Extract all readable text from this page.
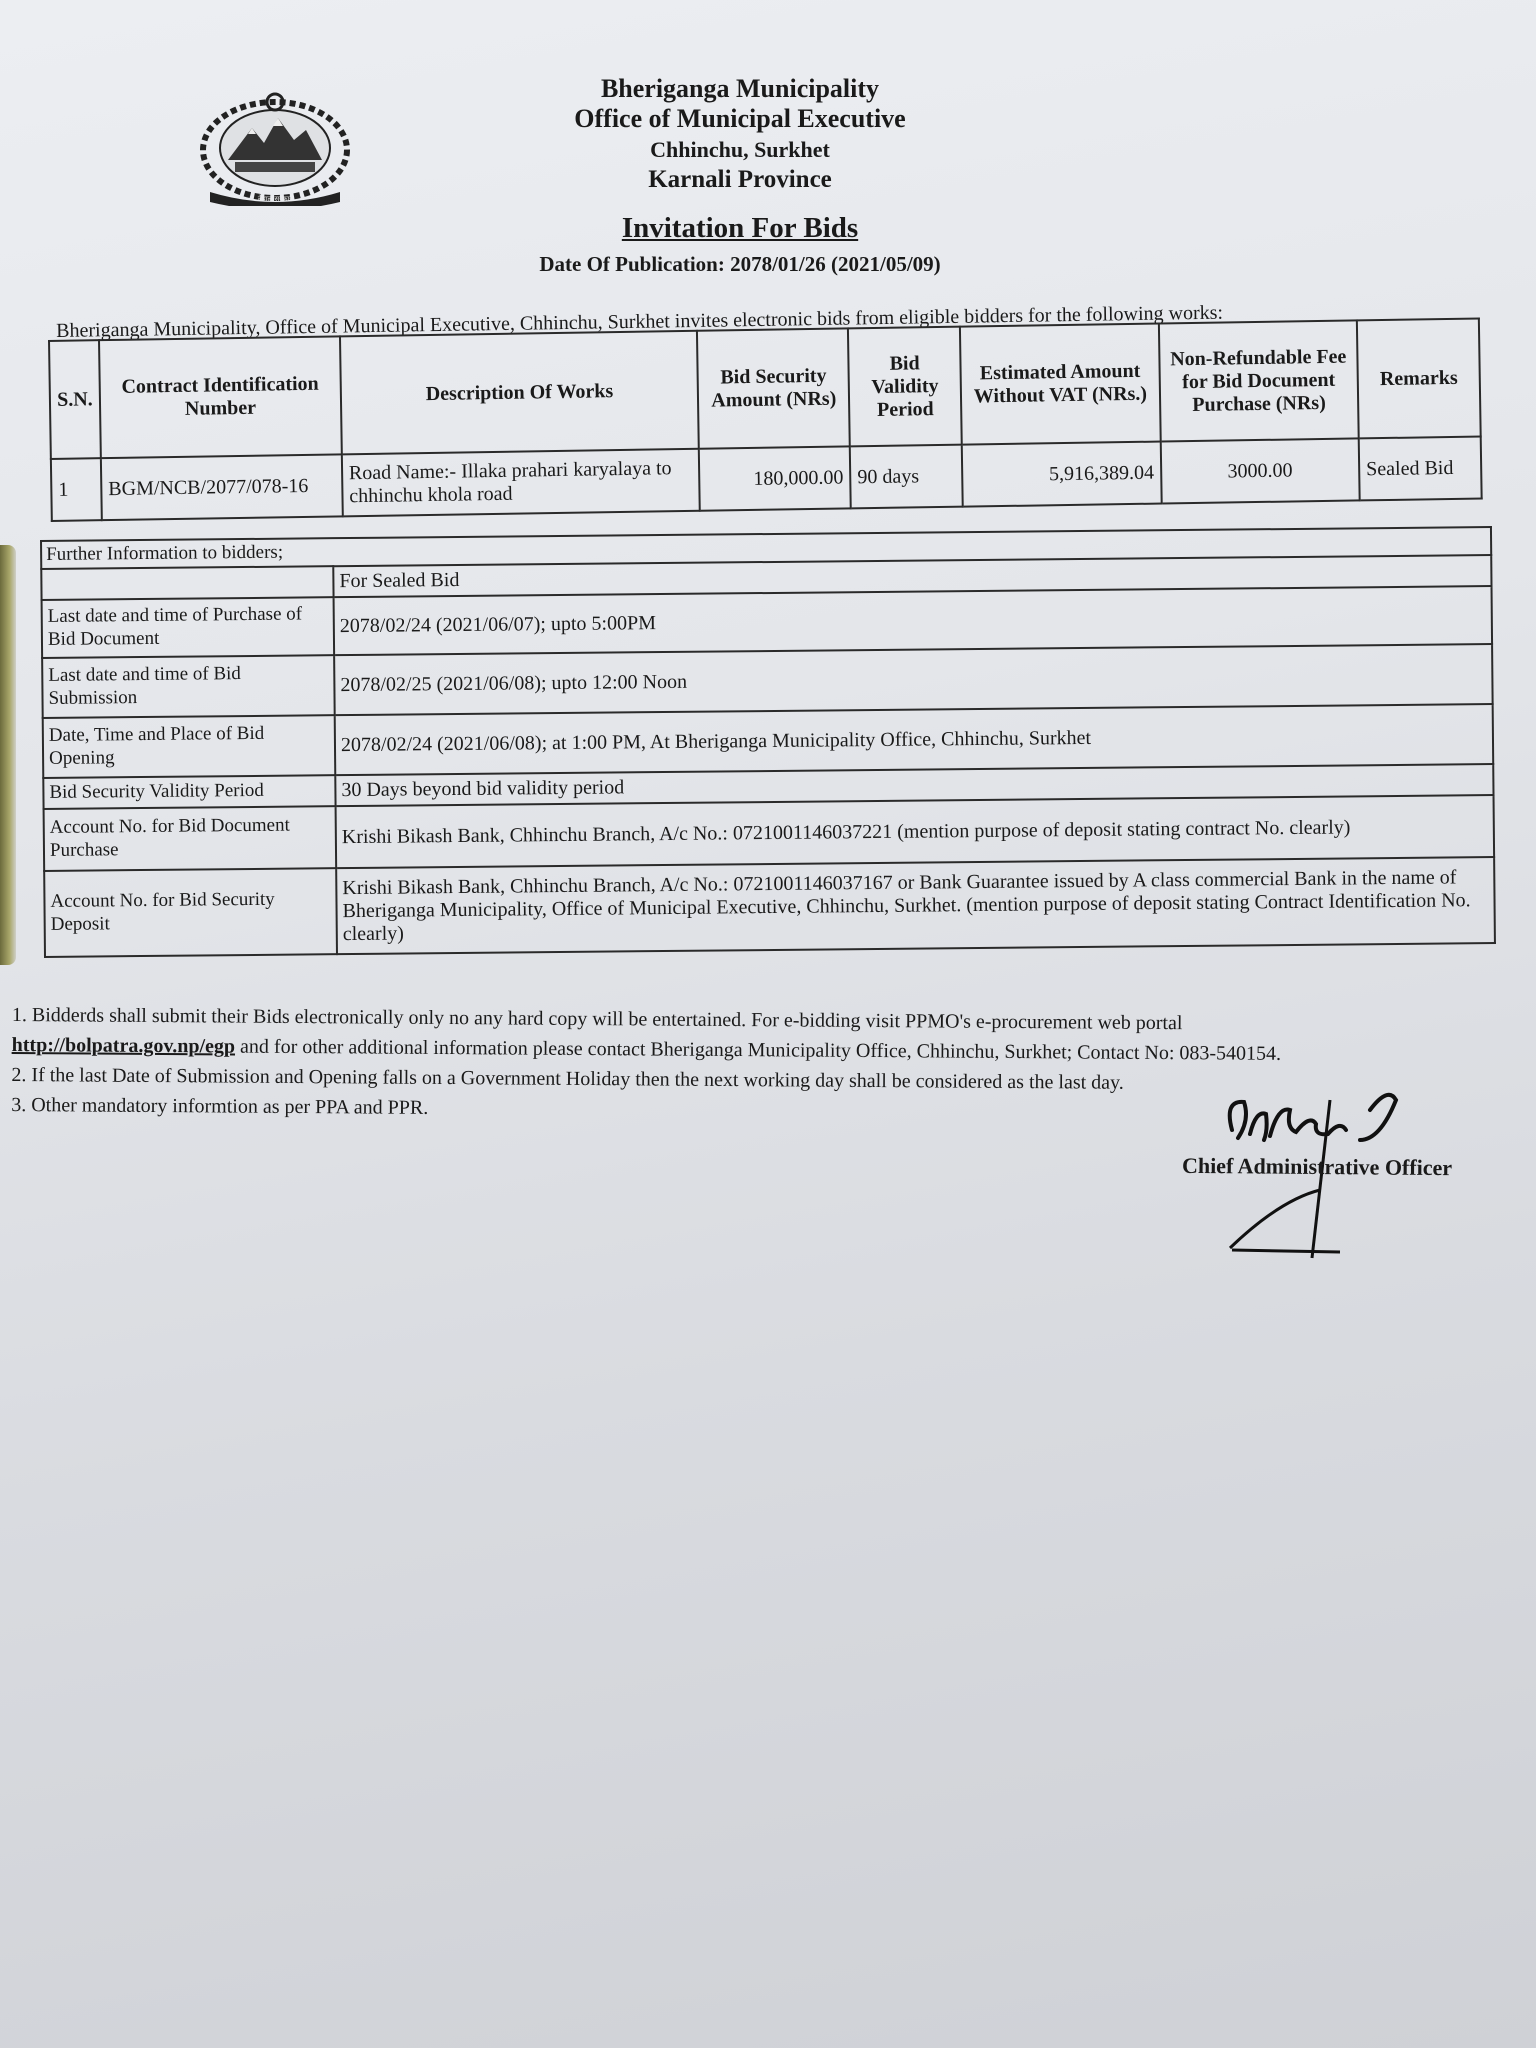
नेपाल सरकार
Bheriganga Municipality
Office of Municipal Executive
Chhinchu, Surkhet
Karnali Province
Invitation For Bids
Date Of Publication: 2078/01/26 (2021/05/09)
Bheriganga Municipality, Office of Municipal Executive, Chhinchu, Surkhet invites electronic bids from eligible bidders for the following works:
S.N.	Contract Identification Number	Description Of Works	Bid Security Amount (NRs)	Bid Validity Period	Estimated Amount Without VAT (NRs.)	Non-Refundable Fee for Bid Document Purchase (NRs)	Remarks
1	BGM/NCB/2077/078-16	Road Name:- Illaka prahari karyalaya to chhinchu khola road	180,000.00	90 days	5,916,389.04	3000.00	Sealed Bid
Further Information to bidders;	
	For Sealed Bid
Last date and time of Purchase of Bid Document	2078/02/24 (2021/06/07); upto 5:00PM
Last date and time of Bid Submission	2078/02/25 (2021/06/08); upto 12:00 Noon
Date, Time and Place of Bid Opening	2078/02/24 (2021/06/08); at 1:00 PM, At Bheriganga Municipality Office, Chhinchu, Surkhet
Bid Security Validity Period	30 Days beyond bid validity period
Account No. for Bid Document Purchase	Krishi Bikash Bank, Chhinchu Branch, A/c No.: 0721001146037221 (mention purpose of deposit stating contract No. clearly)
Account No. for Bid Security Deposit	Krishi Bikash Bank, Chhinchu Branch, A/c No.: 0721001146037167 or Bank Guarantee issued by A class commercial Bank in the name of Bheriganga Municipality, Office of Municipal Executive, Chhinchu, Surkhet. (mention purpose of deposit stating Contract Identification No. clearly)

1. Bidderds shall submit their Bids electronically only no any hard copy will be entertained. For e-bidding visit PPMO's e-procurement web portal
http://bolpatra.gov.np/egp and for other additional information please contact Bheriganga Municipality Office, Chhinchu, Surkhet; Contact No: 083-540154.

2. If the last Date of Submission and Opening falls on a Government Holiday then the next working day shall be considered as the last day.

3. Other mandatory informtion as per PPA and PPR.

Chief Administrative Officer
